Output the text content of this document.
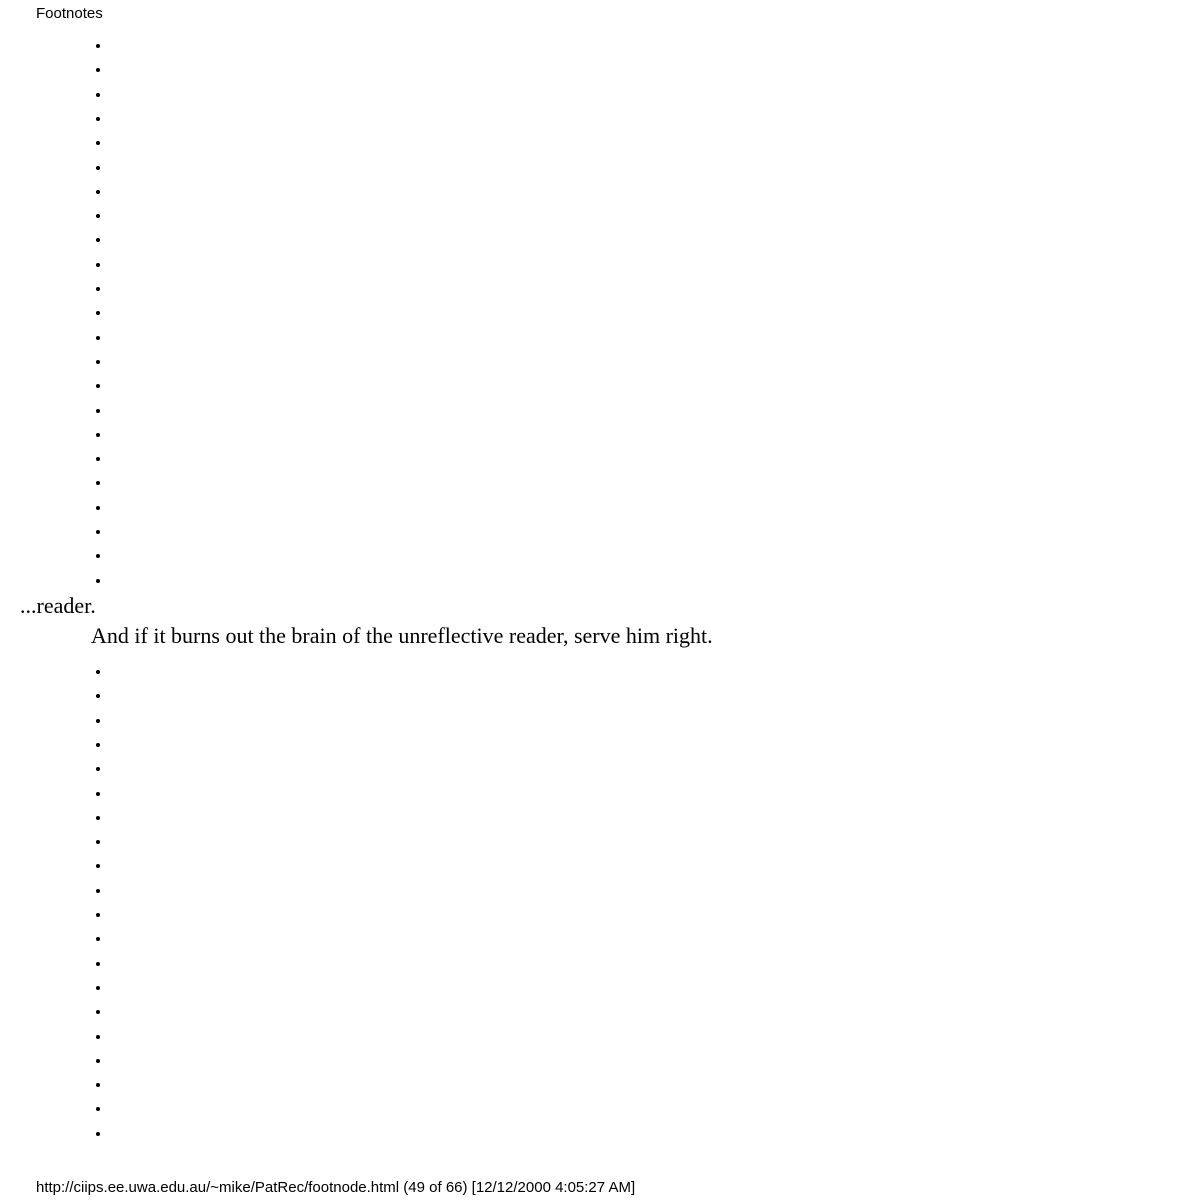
Footnotes
...reader.
And if it burns out the brain of the unreflective reader, serve him right.
http://ciips.ee.uwa.edu.au/~mike/PatRec/footnode.html (49 of 66) [12/12/2000 4:05:27 AM]
